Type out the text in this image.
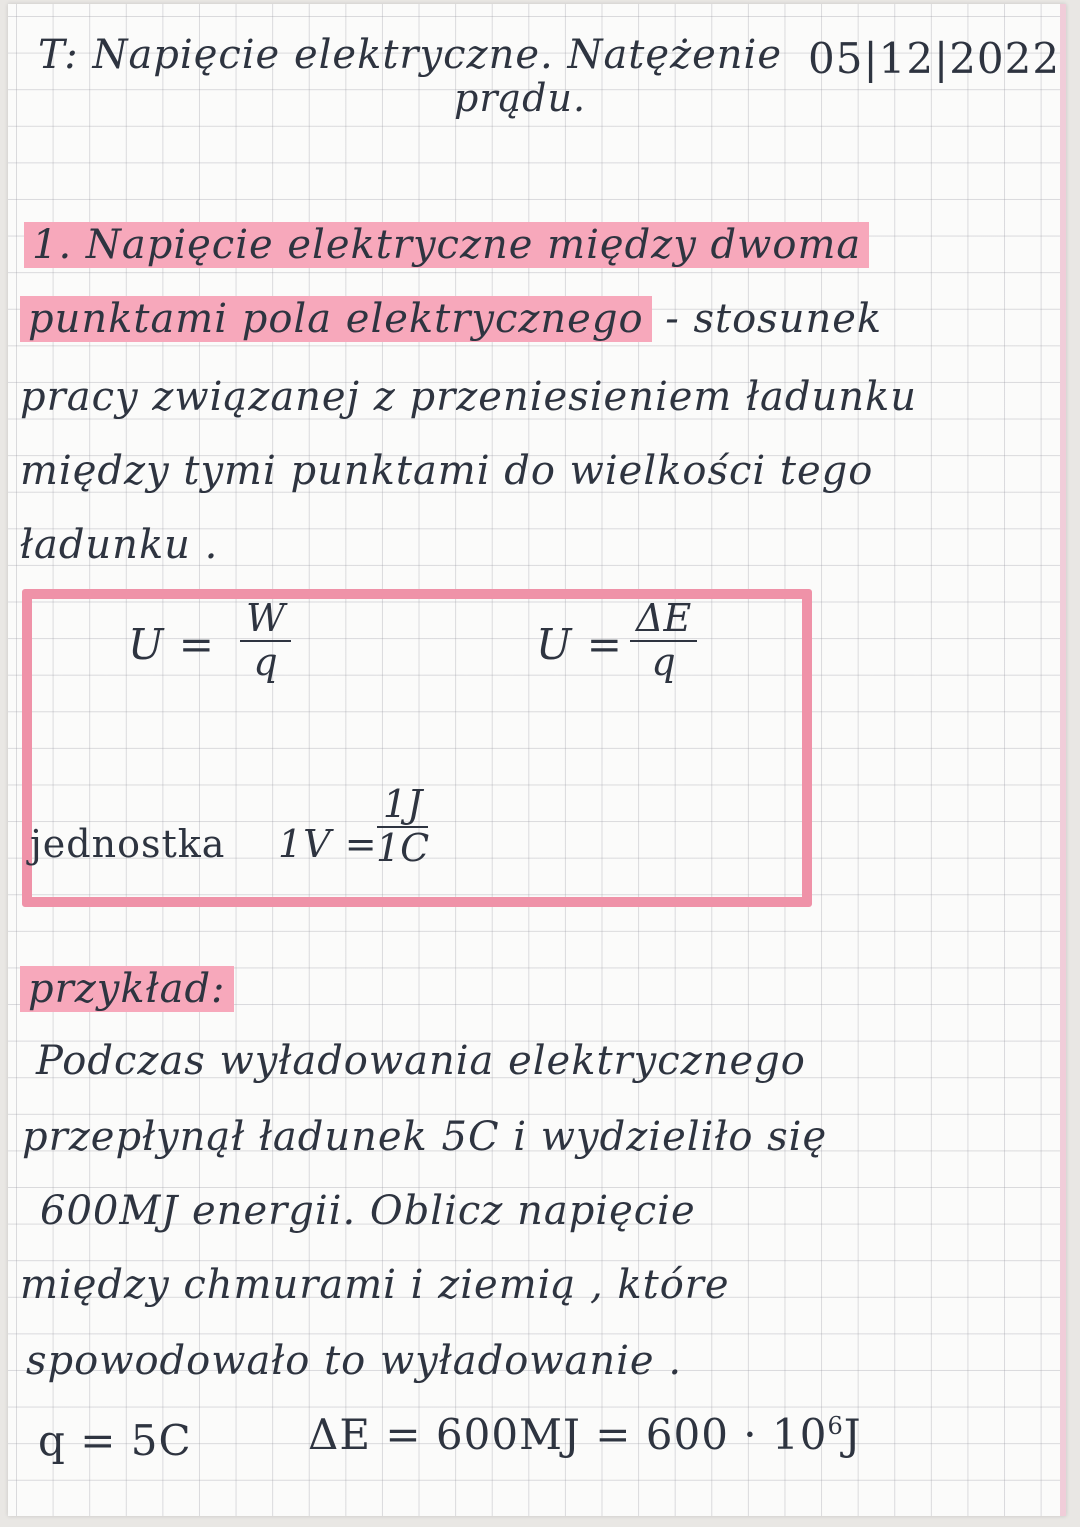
T: Napięcie elektryczne. Natężenie
prądu.
05|12|2022
1. Napięcie elektryczne między dwoma
punktami pola elektrycznego - stosunek
pracy związanej z przeniesieniem ładunku
między tymi punktami do wielkości tego
ładunku .
$U = \frac{W}{q}$	$U = \frac{\Delta E}{q}$
jednostka 1V =
$\frac{1J}{1C}$
przykład:
Podczas wyładowania elektrycznego
przepłynął ładunek 5C i wydzieliło się
600MJ energii. Oblicz napięcie
między chmurami i ziemią , które
spowodowało to wyładowanie .
q = 5C	$\Delta E = 600MJ = 600 \cdot 10^6J$
